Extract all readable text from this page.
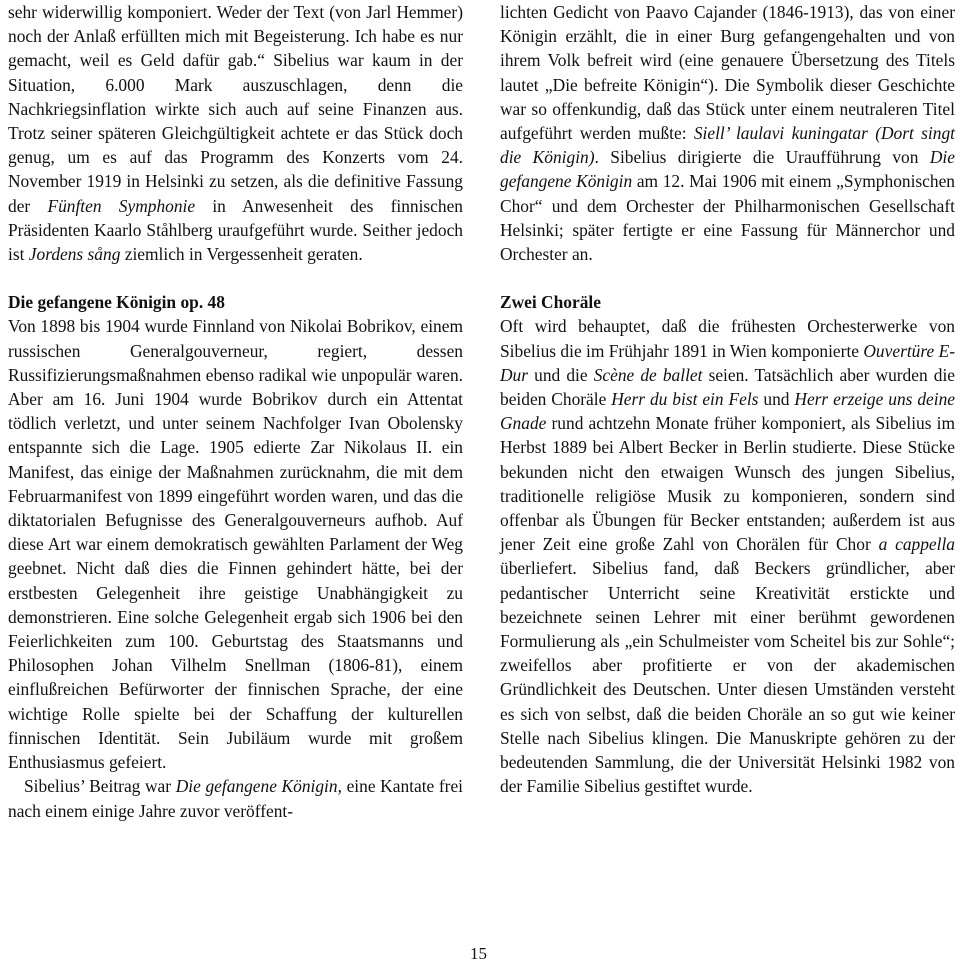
sehr widerwillig komponiert. Weder der Text (von Jarl Hemmer) noch der Anlaß erfüllten mich mit Begeisterung. Ich habe es nur gemacht, weil es Geld dafür gab.“ Sibelius war kaum in der Situation, 6.000 Mark auszuschlagen, denn die Nachkriegsinflation wirkte sich auch auf seine Finanzen aus. Trotz seiner späteren Gleichgültigkeit achtete er das Stück doch genug, um es auf das Programm des Konzerts vom 24. November 1919 in Helsinki zu setzen, als die definitive Fassung der Fünften Symphonie in Anwesenheit des finnischen Präsidenten Kaarlo Ståhlberg uraufgeführt wurde. Seither jedoch ist Jordens sång ziemlich in Vergessenheit geraten.

Die gefangene Königin op. 48

Von 1898 bis 1904 wurde Finnland von Nikolai Bobrikov, einem russischen Generalgouverneur, regiert, dessen Russifizierungsmaßnahmen ebenso radikal wie unpopulär waren. Aber am 16. Juni 1904 wurde Bobrikov durch ein Attentat tödlich verletzt, und unter seinem Nachfolger Ivan Obolensky entspannte sich die Lage. 1905 edierte Zar Nikolaus II. ein Manifest, das einige der Maßnahmen zurücknahm, die mit dem Februarmanifest von 1899 eingeführt worden waren, und das die diktatorialen Befugnisse des Generalgouverneurs aufhob. Auf diese Art war einem demokratisch gewählten Parlament der Weg geebnet. Nicht daß dies die Finnen gehindert hätte, bei der erstbesten Gelegenheit ihre geistige Unabhängigkeit zu demonstrieren. Eine solche Gelegenheit ergab sich 1906 bei den Feierlichkeiten zum 100. Geburtstag des Staatsmanns und Philosophen Johan Vilhelm Snellman (1806-81), einem einflußreichen Befürworter der finnischen Sprache, der eine wichtige Rolle spielte bei der Schaffung der kulturellen finnischen Identität. Sein Jubiläum wurde mit großem Enthusiasmus gefeiert.

Sibelius’ Beitrag war Die gefangene Königin, eine Kantate frei nach einem einige Jahre zuvor veröffent-

lichten Gedicht von Paavo Cajander (1846-1913), das von einer Königin erzählt, die in einer Burg gefangengehalten und von ihrem Volk befreit wird (eine genauere Übersetzung des Titels lautet „Die befreite Königin“). Die Symbolik dieser Geschichte war so offenkundig, daß das Stück unter einem neutraleren Titel aufgeführt werden mußte: Siell’ laulavi kuningatar (Dort singt die Königin). Sibelius dirigierte die Uraufführung von Die gefangene Königin am 12. Mai 1906 mit einem „Symphonischen Chor“ und dem Orchester der Philharmonischen Gesellschaft Helsinki; später fertigte er eine Fassung für Männerchor und Orchester an.

Zwei Choräle

Oft wird behauptet, daß die frühesten Orchesterwerke von Sibelius die im Frühjahr 1891 in Wien komponierte Ouvertüre E-Dur und die Scène de ballet seien. Tatsächlich aber wurden die beiden Choräle Herr du bist ein Fels und Herr erzeige uns deine Gnade rund achtzehn Monate früher komponiert, als Sibelius im Herbst 1889 bei Albert Becker in Berlin studierte. Diese Stücke bekunden nicht den etwaigen Wunsch des jungen Sibelius, traditionelle religiöse Musik zu komponieren, sondern sind offenbar als Übungen für Becker entstanden; außerdem ist aus jener Zeit eine große Zahl von Chorälen für Chor a cappella überliefert. Sibelius fand, daß Beckers gründlicher, aber pedantischer Unterricht seine Kreativität erstickte und bezeichnete seinen Lehrer mit einer berühmt gewordenen Formulierung als „ein Schulmeister vom Scheitel bis zur Sohle“; zweifellos aber profitierte er von der akademischen Gründlichkeit des Deutschen. Unter diesen Umständen versteht es sich von selbst, daß die beiden Choräle an so gut wie keiner Stelle nach Sibelius klingen. Die Manuskripte gehören zu der bedeutenden Sammlung, die der Universität Helsinki 1982 von der Familie Sibelius gestiftet wurde.

15
